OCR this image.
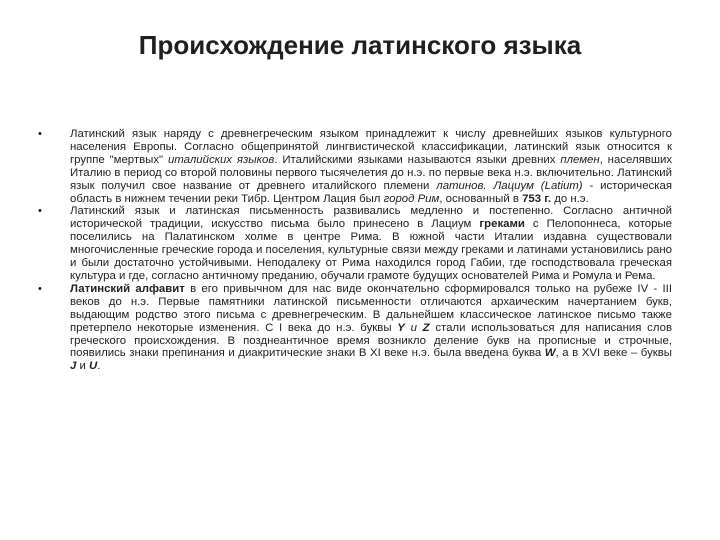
Происхождение латинского языка
• Латинский язык наряду с древнегреческим языком принадлежит к числу древнейших языков культурного населения Европы. Согласно общепринятой лингвистической классификации, латинский язык относится к группе "мертвых" италийских языков. Италийскими языками называются языки древних племен, населявших Италию в период со второй половины первого тысячелетия до н.э. по первые века н.э. включительно. Латинский язык получил свое название от древнего италийского племени латинов. Лациум (Latium) - историческая область в нижнем течении реки Тибр. Центром Лация был город Рим, основанный в 753 г. до н.э.

• Латинский язык и латинская письменность развивались медленно и постепенно. Согласно античной исторической традиции, искусство письма было принесено в Лациум греками с Пелопоннеса, которые поселились на Палатинском холме в центре Рима. В южной части Италии издавна существовали многочисленные греческие города и поселения, культурные связи между греками и латинами установились рано и были достаточно устойчивыми. Неподалеку от Рима находился город Габии, где господствовала греческая культура и где, согласно античному преданию, обучали грамоте будущих основателей Рима и Ромула и Рема.

• Латинский алфавит в его привычном для нас виде окончательно сформировался только на рубеже IV - III веков до н.э. Первые памятники латинской письменности отличаются архаическим начертанием букв, выдающим родство этого письма с древнегреческим. В дальнейшем классическое латинское письмо также претерпело некоторые изменения. С I века до н.э. буквы Y и Z стали использоваться для написания слов греческого происхождения. В позднеантичное время возникло деление букв на прописные и строчные, появились знаки препинания и диакритические знаки В XI веке н.э. была введена буква W, а в XVI веке – буквы J и U.
